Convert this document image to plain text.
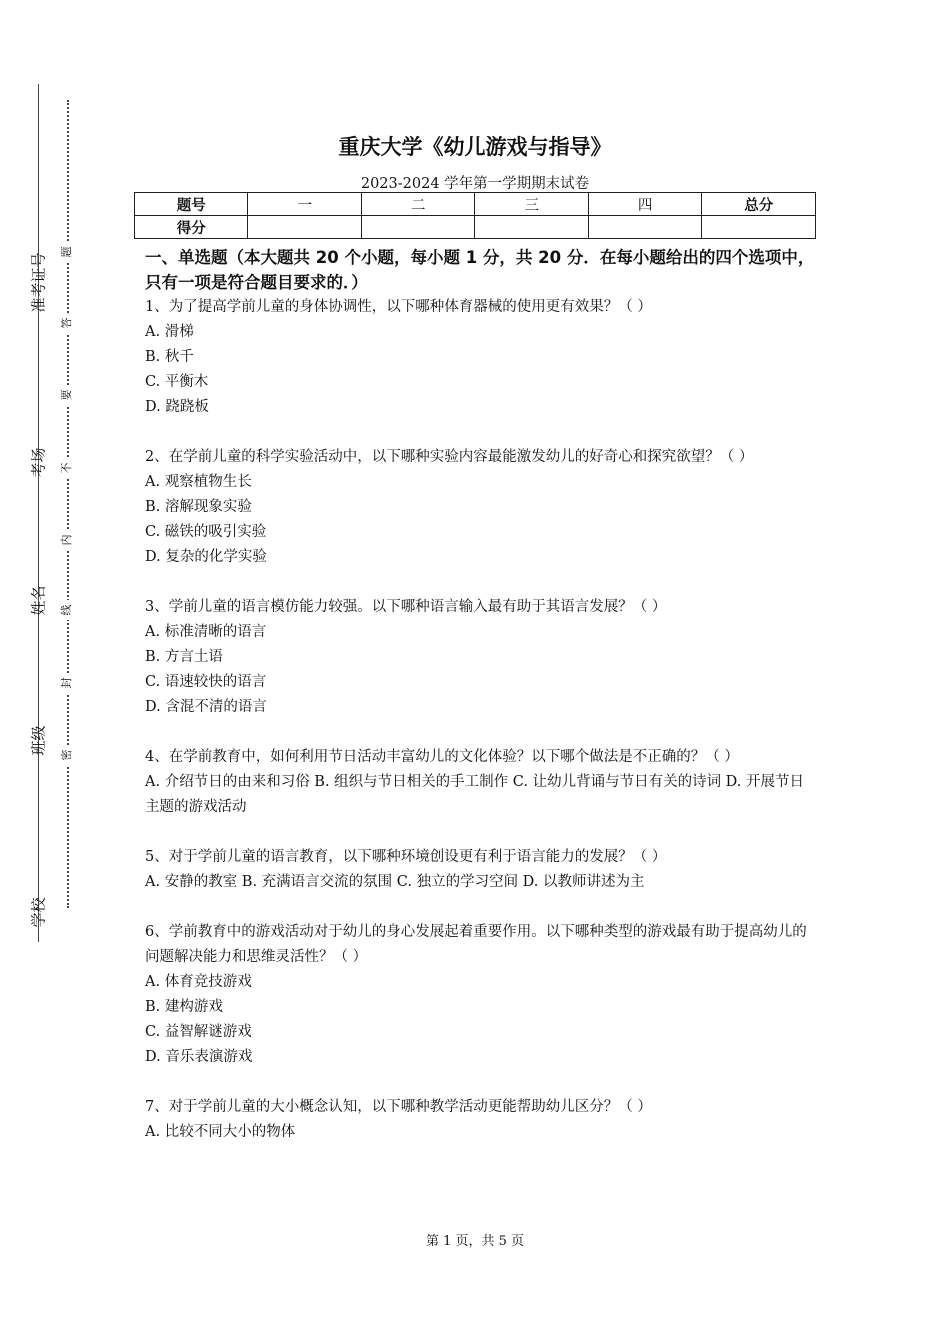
准考证号
考场
姓名
班级
学校
题
答
要
不
内
线
封
密
重庆大学《幼儿游戏与指导》
2023-2024 学年第一学期期末试卷
题号	一	二	三	四	总分
得分					
一、单选题（本大题共 20 个小题，每小题 1 分，共 20 分．在每小题给出的四个选项中，只有一项是符合题目要求的．）

1、为了提高学前儿童的身体协调性，以下哪种体育器械的使用更有效果？（ ）

A. 滑梯

B. 秋千

C. 平衡木

D. 跷跷板

2、在学前儿童的科学实验活动中，以下哪种实验内容最能激发幼儿的好奇心和探究欲望？（ ）

A. 观察植物生长

B. 溶解现象实验

C. 磁铁的吸引实验

D. 复杂的化学实验

3、学前儿童的语言模仿能力较强。以下哪种语言输入最有助于其语言发展？（ ）

A. 标准清晰的语言

B. 方言土语

C. 语速较快的语言

D. 含混不清的语言

4、在学前教育中，如何利用节日活动丰富幼儿的文化体验？以下哪个做法是不正确的？（ ）

A. 介绍节日的由来和习俗 B. 组织与节日相关的手工制作 C. 让幼儿背诵与节日有关的诗词 D. 开展节日主题的游戏活动

5、对于学前儿童的语言教育，以下哪种环境创设更有利于语言能力的发展？（ ）

A. 安静的教室 B. 充满语言交流的氛围 C. 独立的学习空间 D. 以教师讲述为主

6、学前教育中的游戏活动对于幼儿的身心发展起着重要作用。以下哪种类型的游戏最有助于提高幼儿的问题解决能力和思维灵活性？（ ）

A. 体育竞技游戏

B. 建构游戏

C. 益智解谜游戏

D. 音乐表演游戏

7、对于学前儿童的大小概念认知，以下哪种教学活动更能帮助幼儿区分？（ ）

A. 比较不同大小的物体

第 1 页，共 5 页
